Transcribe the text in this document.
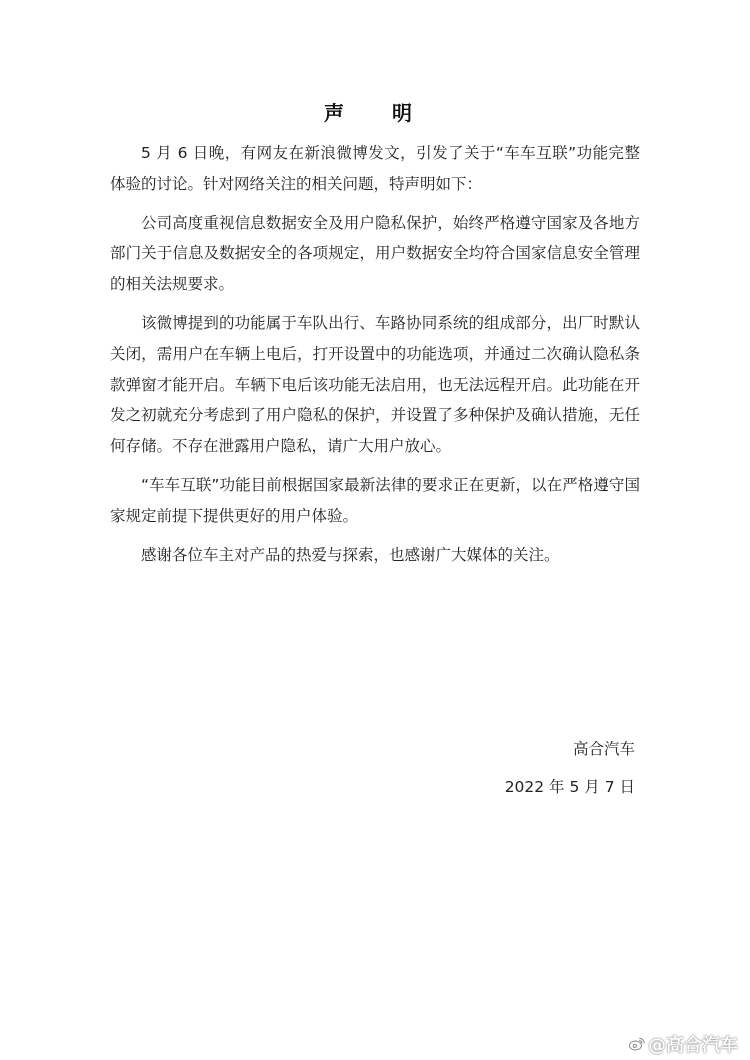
声　明

5 月 6 日晚，有网友在新浪微博发文，引发了关于“车车互联”功能完整体验的讨论。针对网络关注的相关问题，特声明如下：

公司高度重视信息数据安全及用户隐私保护，始终严格遵守国家及各地方部门关于信息及数据安全的各项规定，用户数据安全均符合国家信息安全管理的相关法规要求。

该微博提到的功能属于车队出行、车路协同系统的组成部分，出厂时默认关闭，需用户在车辆上电后，打开设置中的功能选项，并通过二次确认隐私条款弹窗才能开启。车辆下电后该功能无法启用，也无法远程开启。此功能在开发之初就充分考虑到了用户隐私的保护，并设置了多种保护及确认措施，无任何存储。不存在泄露用户隐私，请广大用户放心。

“车车互联”功能目前根据国家最新法律的要求正在更新，以在严格遵守国家规定前提下提供更好的用户体验。

感谢各位车主对产品的热爱与探索，也感谢广大媒体的关注。

高合汽车
2022 年 5 月 7 日
@高合汽车
